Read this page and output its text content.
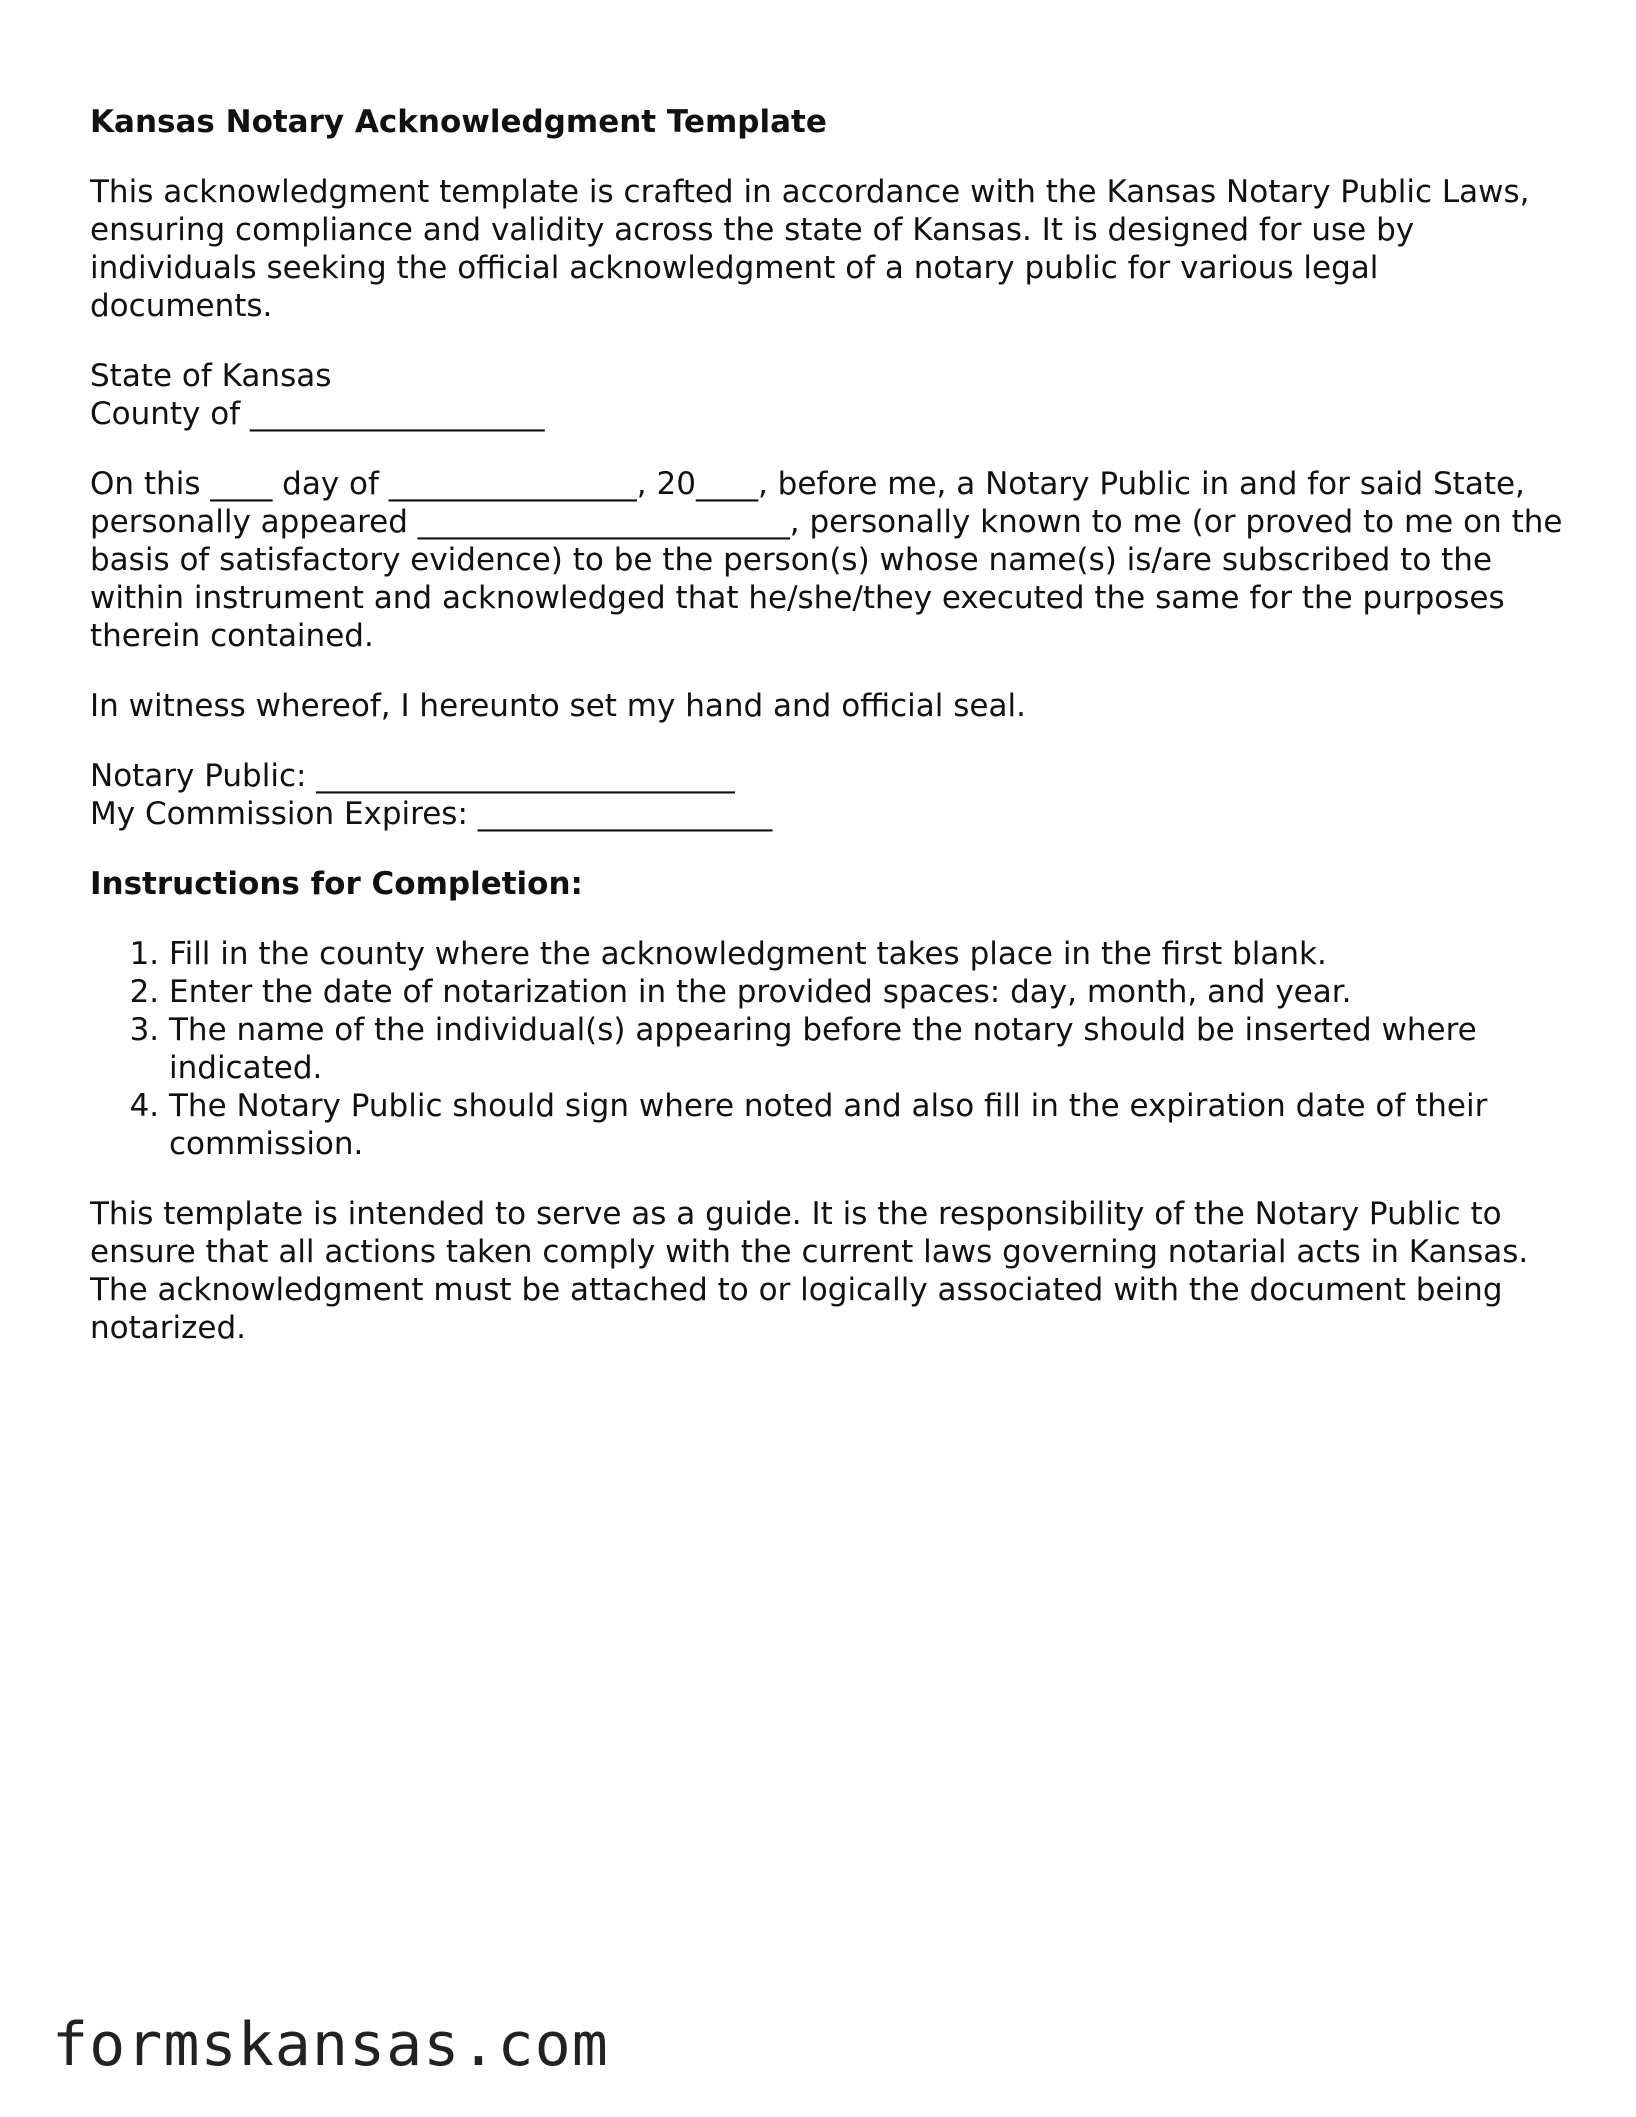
Kansas Notary Acknowledgment Template

This acknowledgment template is crafted in accordance with the Kansas Notary Public Laws, ensuring compliance and validity across the state of Kansas. It is designed for use by individuals seeking the official acknowledgment of a notary public for various legal documents.

State of Kansas
County of ___________________

On this ____ day of ________________, 20____, before me, a Notary Public in and for said State, personally appeared ________________________, personally known to me (or proved to me on the basis of satisfactory evidence) to be the person(s) whose name(s) is/are subscribed to the within instrument and acknowledged that he/she/they executed the same for the purposes therein contained.

In witness whereof, I hereunto set my hand and official seal.

Notary Public: ___________________________
My Commission Expires: ___________________

Instructions for Completion:
1. Fill in the county where the acknowledgment takes place in the first blank.
2. Enter the date of notarization in the provided spaces: day, month, and year.
3. The name of the individual(s) appearing before the notary should be inserted where indicated.
4. The Notary Public should sign where noted and also fill in the expiration date of their commission.

This template is intended to serve as a guide. It is the responsibility of the Notary Public to ensure that all actions taken comply with the current laws governing notarial acts in Kansas. The acknowledgment must be attached to or logically associated with the document being notarized.

formskansas.com
